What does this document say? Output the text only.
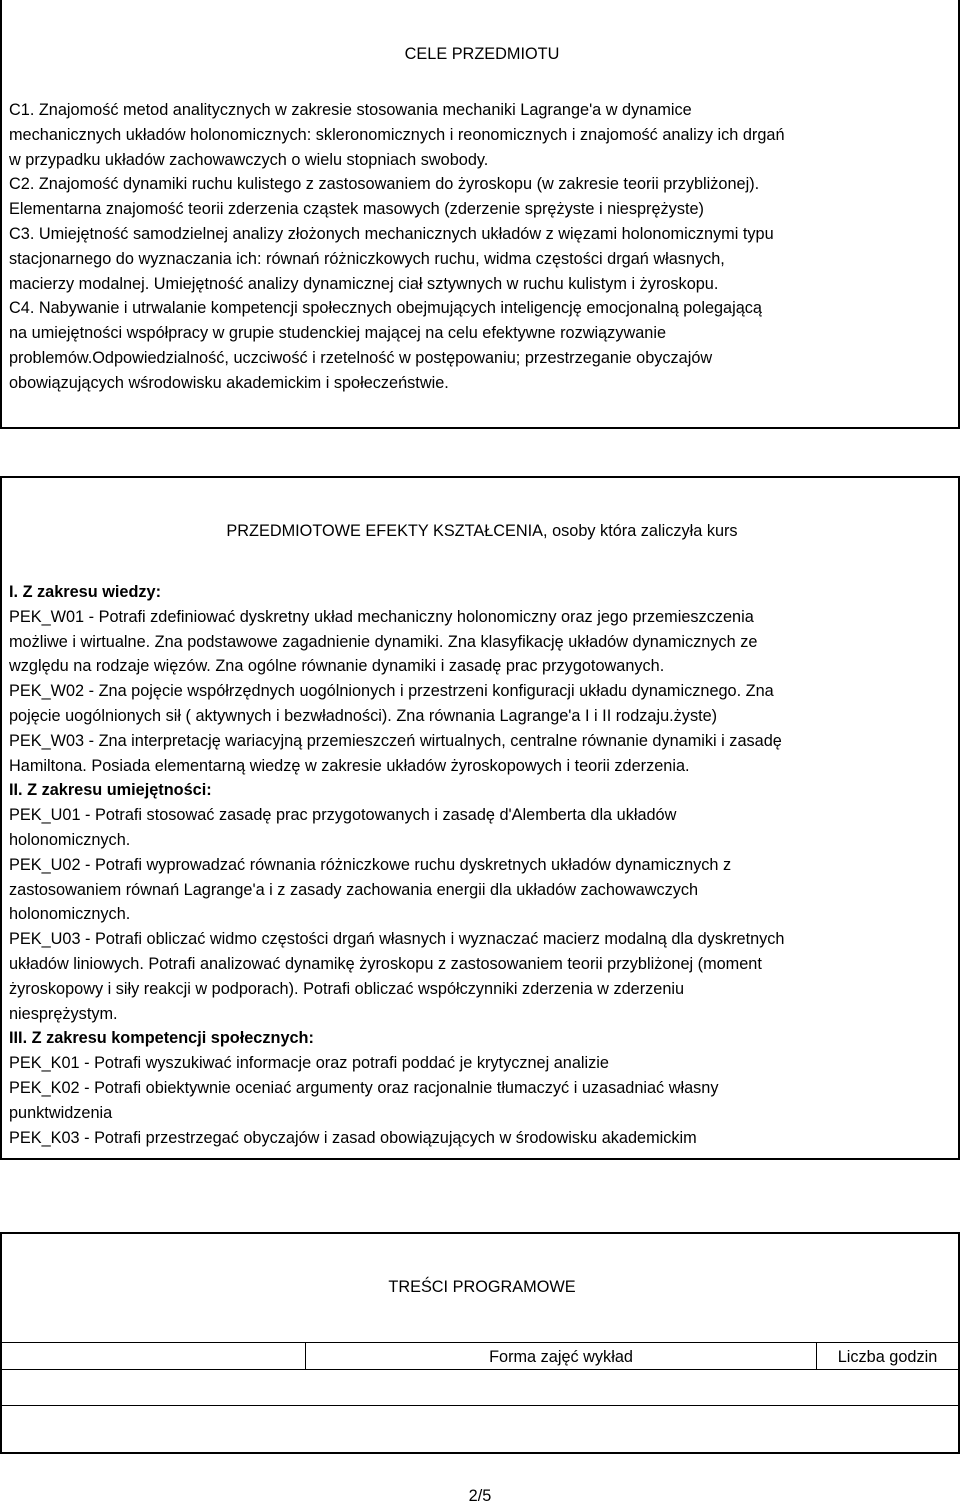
CELE PRZEDMIOTU

C1. Znajomość metod analitycznych w zakresie stosowania mechaniki Lagrange'a w dynamice

mechanicznych układów holonomicznych: skleronomicznych i reonomicznych i znajomość analizy ich drgań

w przypadku układów zachowawczych o wielu stopniach swobody.

C2. Znajomość dynamiki ruchu kulistego z zastosowaniem do żyroskopu (w zakresie teorii przybliżonej).

Elementarna znajomość teorii zderzenia cząstek masowych (zderzenie sprężyste i niesprężyste)

C3. Umiejętność samodzielnej analizy złożonych mechanicznych układów z więzami holonomicznymi typu

stacjonarnego do wyznaczania ich: równań różniczkowych ruchu, widma częstości drgań własnych,

macierzy modalnej. Umiejętność analizy dynamicznej ciał sztywnych w ruchu kulistym i żyroskopu.

C4. Nabywanie i utrwalanie kompetencji społecznych obejmujących inteligencję emocjonalną polegającą

na umiejętności współpracy w grupie studenckiej mającej na celu efektywne rozwiązywanie

problemów.Odpowiedzialność, uczciwość i rzetelność w postępowaniu; przestrzeganie obyczajów

obowiązujących wśrodowisku akademickim i społeczeństwie.

PRZEDMIOTOWE EFEKTY KSZTAŁCENIA, osoby która zaliczyła kurs

I. Z zakresu wiedzy:

PEK_W01 - Potrafi zdefiniować dyskretny układ mechaniczny holonomiczny oraz jego przemieszczenia

możliwe i wirtualne. Zna podstawowe zagadnienie dynamiki. Zna klasyfikację układów dynamicznych ze

względu na rodzaje więzów. Zna ogólne równanie dynamiki i zasadę prac przygotowanych.

PEK_W02 - Zna pojęcie współrzędnych uogólnionych i przestrzeni konfiguracji układu dynamicznego. Zna

pojęcie uogólnionych sił ( aktywnych i bezwładności). Zna równania Lagrange'a I i II rodzaju.żyste)

PEK_W03 - Zna interpretację wariacyjną przemieszczeń wirtualnych, centralne równanie dynamiki i zasadę

Hamiltona. Posiada elementarną wiedzę w zakresie układów żyroskopowych i teorii zderzenia.

II. Z zakresu umiejętności:

PEK_U01 - Potrafi stosować zasadę prac przygotowanych i zasadę d'Alemberta dla układów

holonomicznych.

PEK_U02 - Potrafi wyprowadzać równania różniczkowe ruchu dyskretnych układów dynamicznych z

zastosowaniem równań Lagrange'a i z zasady zachowania energii dla układów zachowawczych

holonomicznych.

PEK_U03 - Potrafi obliczać widmo częstości drgań własnych i wyznaczać macierz modalną dla dyskretnych

układów liniowych. Potrafi analizować dynamikę żyroskopu z zastosowaniem teorii przybliżonej (moment

żyroskopowy i siły reakcji w podporach). Potrafi obliczać współczynniki zderzenia w zderzeniu

niesprężystym.

III. Z zakresu kompetencji społecznych:

PEK_K01 - Potrafi wyszukiwać informacje oraz potrafi poddać je krytycznej analizie

PEK_K02 - Potrafi obiektywnie oceniać argumenty oraz racjonalnie tłumaczyć i uzasadniać własny

punktwidzenia

PEK_K03 - Potrafi przestrzegać obyczajów i zasad obowiązujących w środowisku akademickim

TREŚCI PROGRAMOWE
Forma zajęć wykład	Liczba godzin
2/5
